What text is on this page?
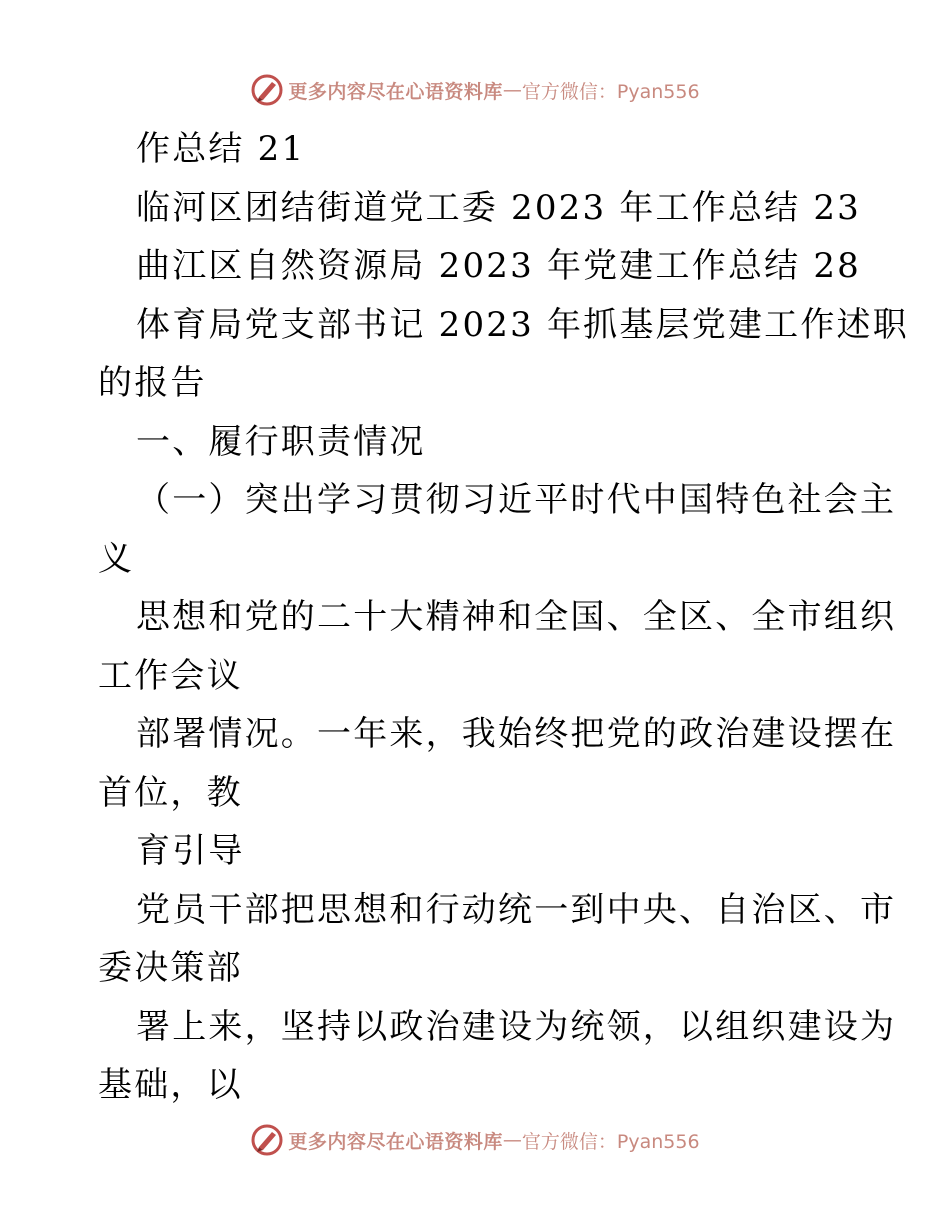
更多内容尽在心语资料库 — 官方微信：Pyan556

作总结 21

临河区团结街道党工委 2023 年工作总结 23

曲江区自然资源局 2023 年党建工作总结 28

体育局党支部书记 2023 年抓基层党建工作述职
的报告

一、履行职责情况

（一）突出学习贯彻习近平时代中国特色社会主
义

思想和党的二十大精神和全国、全区、全市组织
工作会议

部署情况。一年来，我始终把党的政治建设摆在
首位，教

育引导

党员干部把思想和行动统一到中央、自治区、市
委决策部

署上来，坚持以政治建设为统领，以组织建设为
基础，以

更多内容尽在心语资料库 — 官方微信：Pyan556
